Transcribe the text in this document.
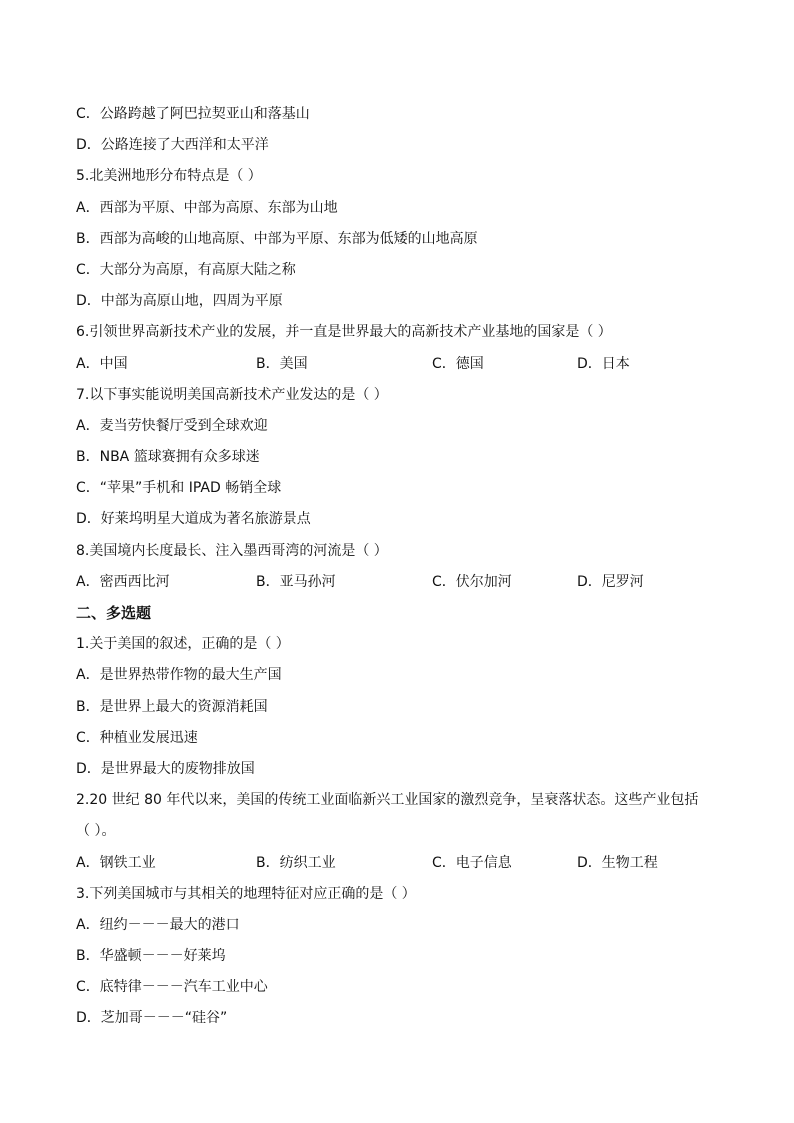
C．公路跨越了阿巴拉契亚山和落基山
D．公路连接了大西洋和太平洋
5.北美洲地形分布特点是（ ）
A．西部为平原、中部为高原、东部为山地
B．西部为高峻的山地高原、中部为平原、东部为低矮的山地高原
C．大部分为高原，有高原大陆之称
D．中部为高原山地，四周为平原
6.引领世界高新技术产业的发展，并一直是世界最大的高新技术产业基地的国家是（ ）
A．中国	B．美国	C．德国	D．日本
7.以下事实能说明美国高新技术产业发达的是（ ）
A．麦当劳快餐厅受到全球欢迎
B．NBA 篮球赛拥有众多球迷
C．“苹果”手机和 IPAD 畅销全球
D．好莱坞明星大道成为著名旅游景点
8.美国境内长度最长、注入墨西哥湾的河流是（ ）
A．密西西比河	B．亚马孙河	C．伏尔加河	D．尼罗河
二、多选题
1.关于美国的叙述，正确的是（ ）
A．是世界热带作物的最大生产国
B．是世界上最大的资源消耗国
C．种植业发展迅速
D．是世界最大的废物排放国
2.20 世纪 80 年代以来，美国的传统工业面临新兴工业国家的激烈竞争，呈衰落状态。这些产业包括
（ ）。
A．钢铁工业	B．纺织工业	C．电子信息	D．生物工程
3.下列美国城市与其相关的地理特征对应正确的是（ ）
A．纽约－－－最大的港口
B．华盛顿－－－好莱坞
C．底特律－－－汽车工业中心
D．芝加哥－－－“硅谷”
